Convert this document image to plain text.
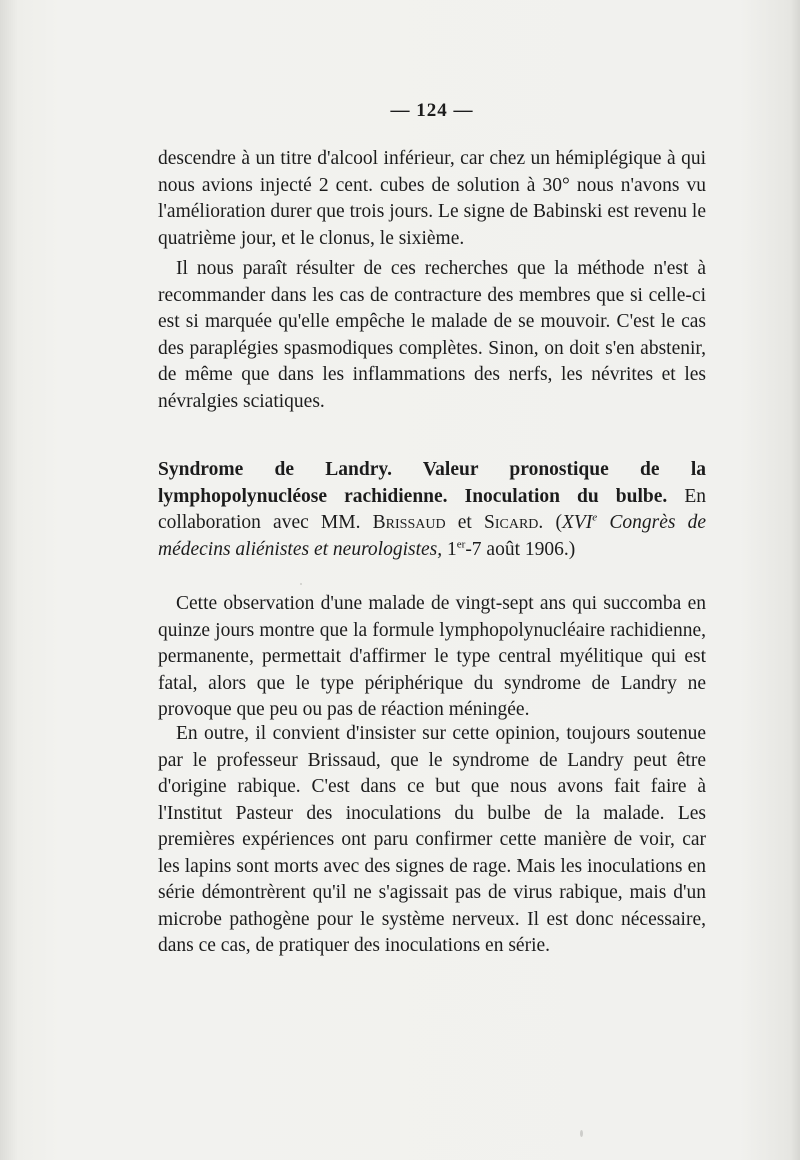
— 124 —

descendre à un titre d'alcool inférieur, car chez un hémiplégique à qui nous avions injecté 2 cent. cubes de solution à 30° nous n'avons vu l'amélioration durer que trois jours. Le signe de Babinski est revenu le quatrième jour, et le clonus, le sixième.

Il nous paraît résulter de ces recherches que la méthode n'est à recommander dans les cas de contracture des membres que si celle-ci est si marquée qu'elle empêche le malade de se mouvoir. C'est le cas des paraplégies spasmodiques complètes. Sinon, on doit s'en abstenir, de même que dans les inflammations des nerfs, les névrites et les névralgies sciatiques.

Syndrome de Landry. Valeur pronostique de la lymphopolynucléose rachidienne. Inoculation du bulbe. En collaboration avec MM. Brissaud et Sicard. (XVIe Congrès de médecins aliénistes et neurologistes, 1er-7 août 1906.)

Cette observation d'une malade de vingt-sept ans qui succomba en quinze jours montre que la formule lymphopolynucléaire rachidienne, permanente, permettait d'affirmer le type central myélitique qui est fatal, alors que le type périphérique du syndrome de Landry ne provoque que peu ou pas de réaction méningée.

En outre, il convient d'insister sur cette opinion, toujours soutenue par le professeur Brissaud, que le syndrome de Landry peut être d'origine rabique. C'est dans ce but que nous avons fait faire à l'Institut Pasteur des inoculations du bulbe de la malade. Les premières expériences ont paru confirmer cette manière de voir, car les lapins sont morts avec des signes de rage. Mais les inoculations en série démontrèrent qu'il ne s'agissait pas de virus rabique, mais d'un microbe pathogène pour le système nerveux. Il est donc nécessaire, dans ce cas, de pratiquer des inoculations en série.
